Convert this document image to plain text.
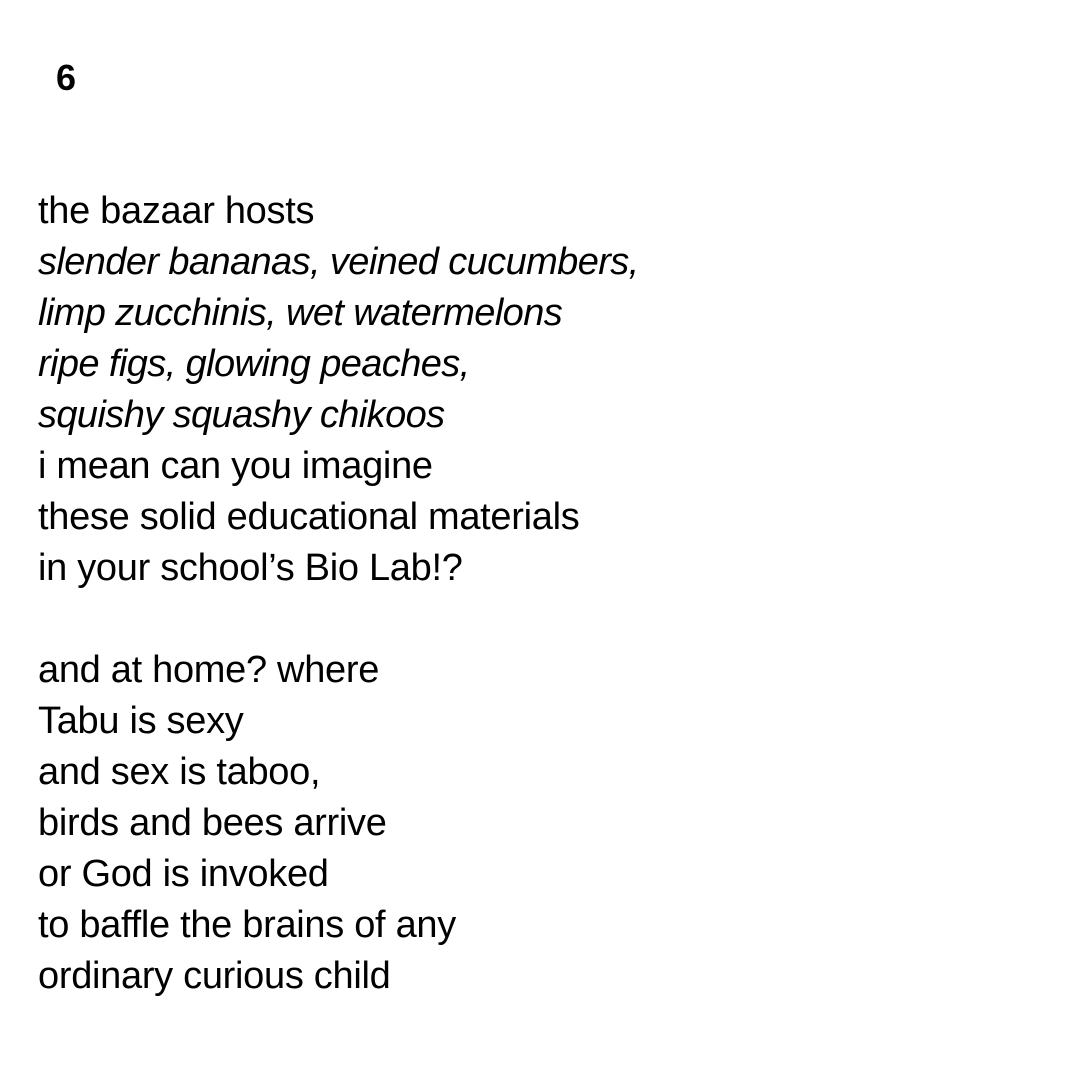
6
the bazaar hosts
slender bananas, veined cucumbers,
limp zucchinis, wet watermelons
ripe figs, glowing peaches,
squishy squashy chikoos
i mean can you imagine
these solid educational materials
in your school’s Bio Lab!?
and at home? where
Tabu is sexy
and sex is taboo,
birds and bees arrive
or God is invoked
to baffle the brains of any
ordinary curious child
